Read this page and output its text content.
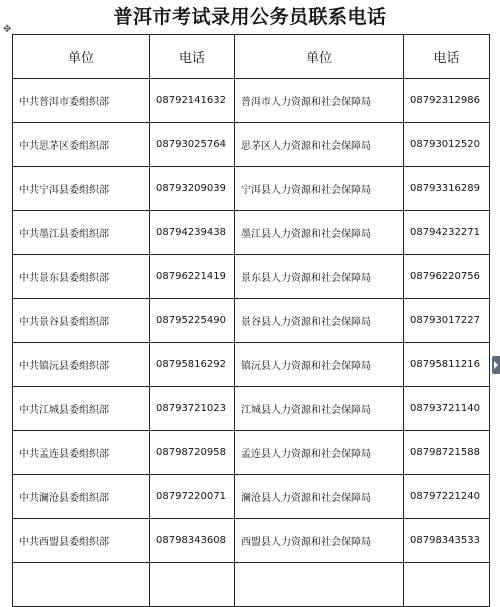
普洱市考试录用公务员联系电话
✥
单位	电话	单位	电话
中共普洱市委组织部	08792141632	普洱市人力资源和社会保障局	08792312986
中共思茅区委组织部	08793025764	思茅区人力资源和社会保障局	08793012520
中共宁洱县委组织部	08793209039	宁洱县人力资源和社会保障局	08793316289
中共墨江县委组织部	08794239438	墨江县人力资源和社会保障局	08794232271
中共景东县委组织部	08796221419	景东县人力资源和社会保障局	08796220756
中共景谷县委组织部	08795225490	景谷县人力资源和社会保障局	08793017227
中共镇沅县委组织部	08795816292	镇沅县人力资源和社会保障局	08795811216
中共江城县委组织部	08793721023	江城县人力资源和社会保障局	08793721140
中共孟连县委组织部	08798720958	孟连县人力资源和社会保障局	08798721588
中共澜沧县委组织部	08797220071	澜沧县人力资源和社会保障局	08797221240
中共西盟县委组织部	08798343608	西盟县人力资源和社会保障局	08798343533
